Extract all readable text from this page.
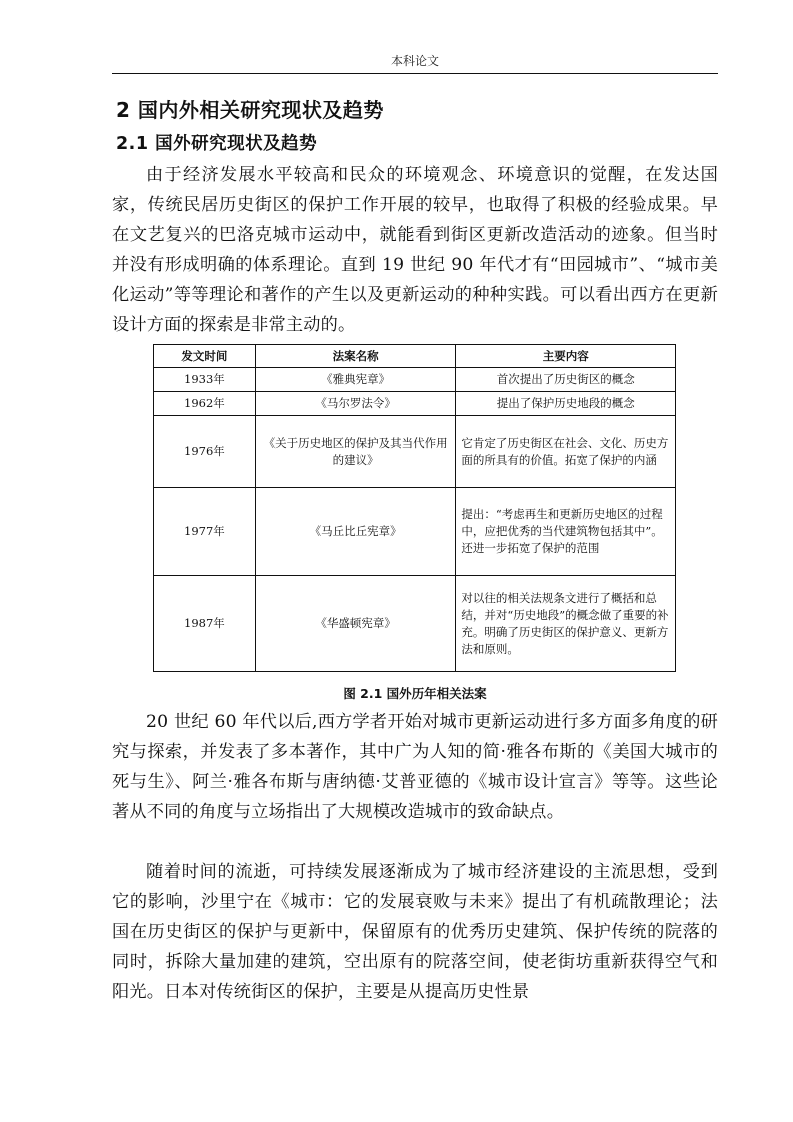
本科论文
2 国内外相关研究现状及趋势
2.1 国外研究现状及趋势

由于经济发展水平较高和民众的环境观念、环境意识的觉醒，在发达国家，传统民居历史街区的保护工作开展的较早，也取得了积极的经验成果。早在文艺复兴的巴洛克城市运动中，就能看到街区更新改造活动的迹象。但当时并没有形成明确的体系理论。直到 19 世纪 90 年代才有“田园城市”、“城市美化运动”等等理论和著作的产生以及更新运动的种种实践。可以看出西方在更新设计方面的探索是非常主动的。

发文时间	法案名称	主要内容
1933年	《雅典宪章》	首次提出了历史街区的概念
1962年	《马尔罗法令》	提出了保护历史地段的概念
1976年	《关于历史地区的保护及其当代作用的建议》	它肯定了历史街区在社会、文化、历史方面的所具有的价值。拓宽了保护的内涵
1977年	《马丘比丘宪章》	提出：“考虑再生和更新历史地区的过程中，应把优秀的当代建筑物包括其中”。还进一步拓宽了保护的范围
1987年	《华盛顿宪章》	对以往的相关法规条文进行了概括和总结，并对“历史地段”的概念做了重要的补充。明确了历史街区的保护意义、更新方法和原则。
图 2.1 国外历年相关法案

20 世纪 60 年代以后,西方学者开始对城市更新运动进行多方面多角度的研究与探索，并发表了多本著作，其中广为人知的简·雅各布斯的《美国大城市的死与生》、阿兰·雅各布斯与唐纳德·艾普亚德的《城市设计宣言》等等。这些论著从不同的角度与立场指出了大规模改造城市的致命缺点。

随着时间的流逝，可持续发展逐渐成为了城市经济建设的主流思想，受到它的影响，沙里宁在《城市：它的发展衰败与未来》提出了有机疏散理论；法国在历史街区的保护与更新中，保留原有的优秀历史建筑、保护传统的院落的同时，拆除大量加建的建筑，空出原有的院落空间，使老街坊重新获得空气和阳光。日本对传统街区的保护，主要是从提高历史性景
